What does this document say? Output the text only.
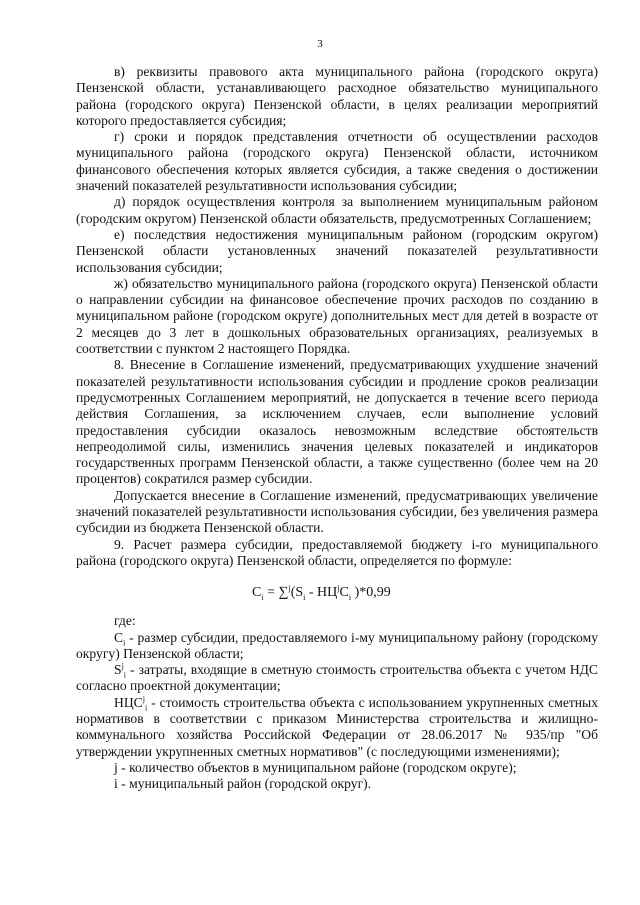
3

в) реквизиты правового акта муниципального района (городского округа) Пензенской области, устанавливающего расходное обязательство муниципального района (городского округа) Пензенской области, в целях реализации мероприятий которого предоставляется субсидия;

г) сроки и порядок представления отчетности об осуществлении расходов муниципального района (городского округа) Пензенской области, источником финансового обеспечения которых является субсидия, а также сведения о достижении значений показателей результативности использования субсидии;

д) порядок осуществления контроля за выполнением муниципальным районом (городским округом) Пензенской области обязательств, предусмотренных Соглашением;

е) последствия недостижения муниципальным районом (городским округом) Пензенской области установленных значений показателей результативности использования субсидии;

ж) обязательство муниципального района (городского округа) Пензенской области о направлении субсидии на финансовое обеспечение прочих расходов по созданию в муниципальном районе (городском округе) дополнительных мест для детей в возрасте от 2 месяцев до 3 лет в дошкольных образовательных организациях, реализуемых в соответствии с пунктом 2 настоящего Порядка.

8. Внесение в Соглашение изменений, предусматривающих ухудшение значений показателей результативности использования субсидии и продление сроков реализации предусмотренных Соглашением мероприятий, не допускается в течение всего периода действия Соглашения, за исключением случаев, если выполнение условий предоставления субсидии оказалось невозможным вследствие обстоятельств непреодолимой силы, изменились значения целевых показателей и индикаторов государственных программ Пензенской области, а также существенно (более чем на 20 процентов) сократился размер субсидии.

Допускается внесение в Соглашение изменений, предусматривающих увеличение значений показателей результативности использования субсидии, без увеличения размера субсидии из бюджета Пензенской области.

9. Расчет размера субсидии, предоставляемой бюджету i-го муниципального района (городского округа) Пензенской области, определяется по формуле:

$C_i = \sum^j(S_i - НЦ^jC_i$ )*0,99

где:

$C_i$ - размер субсидии, предоставляемого i-му муниципальному району (городскому округу) Пензенской области;

$S^j_i$ - затраты, входящие в сметную стоимость строительства объекта с учетом НДС согласно проектной документации;

$НЦС^j_i$ - стоимость строительства объекта с использованием укрупненных сметных нормативов в соответствии с приказом Министерства строительства и жилищно-коммунального хозяйства Российской Федерации от 28.06.2017 № 935/пр "Об утверждении укрупненных сметных нормативов" (с последующими изменениями);

j - количество объектов в муниципальном районе (городском округе);

i - муниципальный район (городской округ).
